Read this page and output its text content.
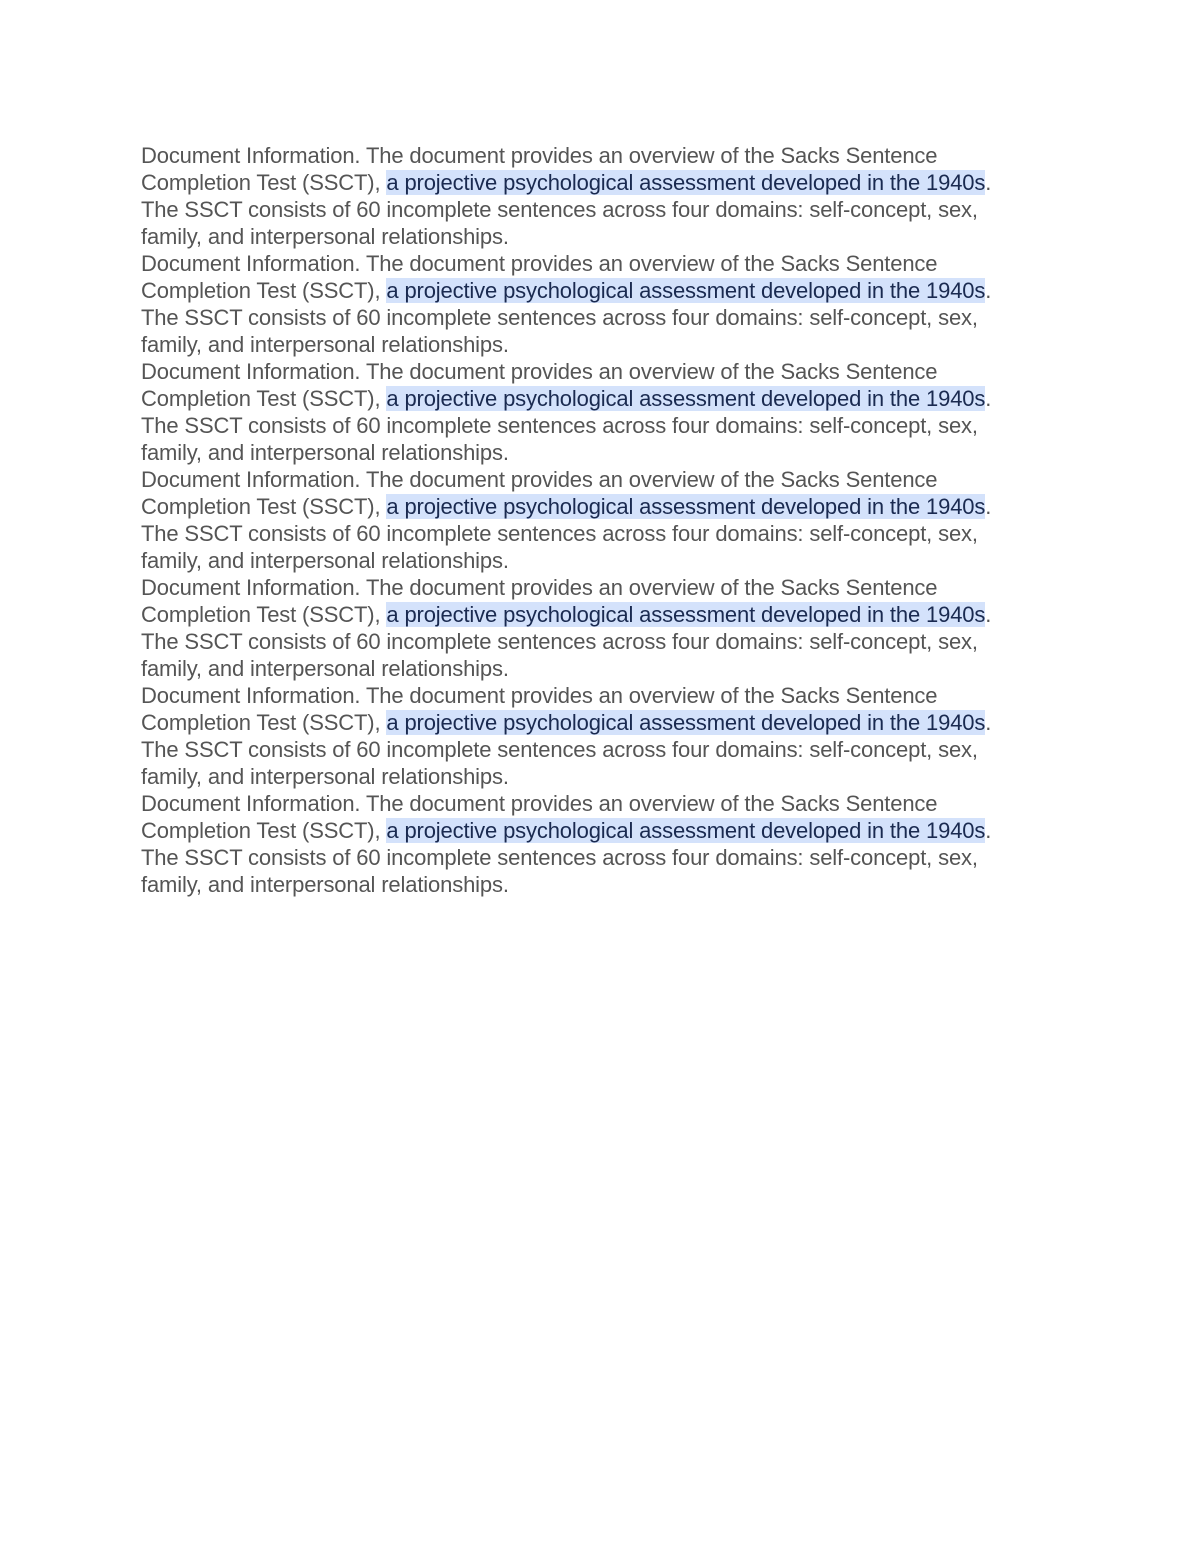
Document Information. The document provides an overview of the Sacks Sentence Completion Test (SSCT), a projective psychological assessment developed in the 1940s. The SSCT consists of 60 incomplete sentences across four domains: self-concept, sex, family, and interpersonal relationships.

Document Information. The document provides an overview of the Sacks Sentence Completion Test (SSCT), a projective psychological assessment developed in the 1940s. The SSCT consists of 60 incomplete sentences across four domains: self-concept, sex, family, and interpersonal relationships.

Document Information. The document provides an overview of the Sacks Sentence Completion Test (SSCT), a projective psychological assessment developed in the 1940s. The SSCT consists of 60 incomplete sentences across four domains: self-concept, sex, family, and interpersonal relationships.

Document Information. The document provides an overview of the Sacks Sentence Completion Test (SSCT), a projective psychological assessment developed in the 1940s. The SSCT consists of 60 incomplete sentences across four domains: self-concept, sex, family, and interpersonal relationships.

Document Information. The document provides an overview of the Sacks Sentence Completion Test (SSCT), a projective psychological assessment developed in the 1940s. The SSCT consists of 60 incomplete sentences across four domains: self-concept, sex, family, and interpersonal relationships.

Document Information. The document provides an overview of the Sacks Sentence Completion Test (SSCT), a projective psychological assessment developed in the 1940s. The SSCT consists of 60 incomplete sentences across four domains: self-concept, sex, family, and interpersonal relationships.

Document Information. The document provides an overview of the Sacks Sentence Completion Test (SSCT), a projective psychological assessment developed in the 1940s. The SSCT consists of 60 incomplete sentences across four domains: self-concept, sex, family, and interpersonal relationships.
